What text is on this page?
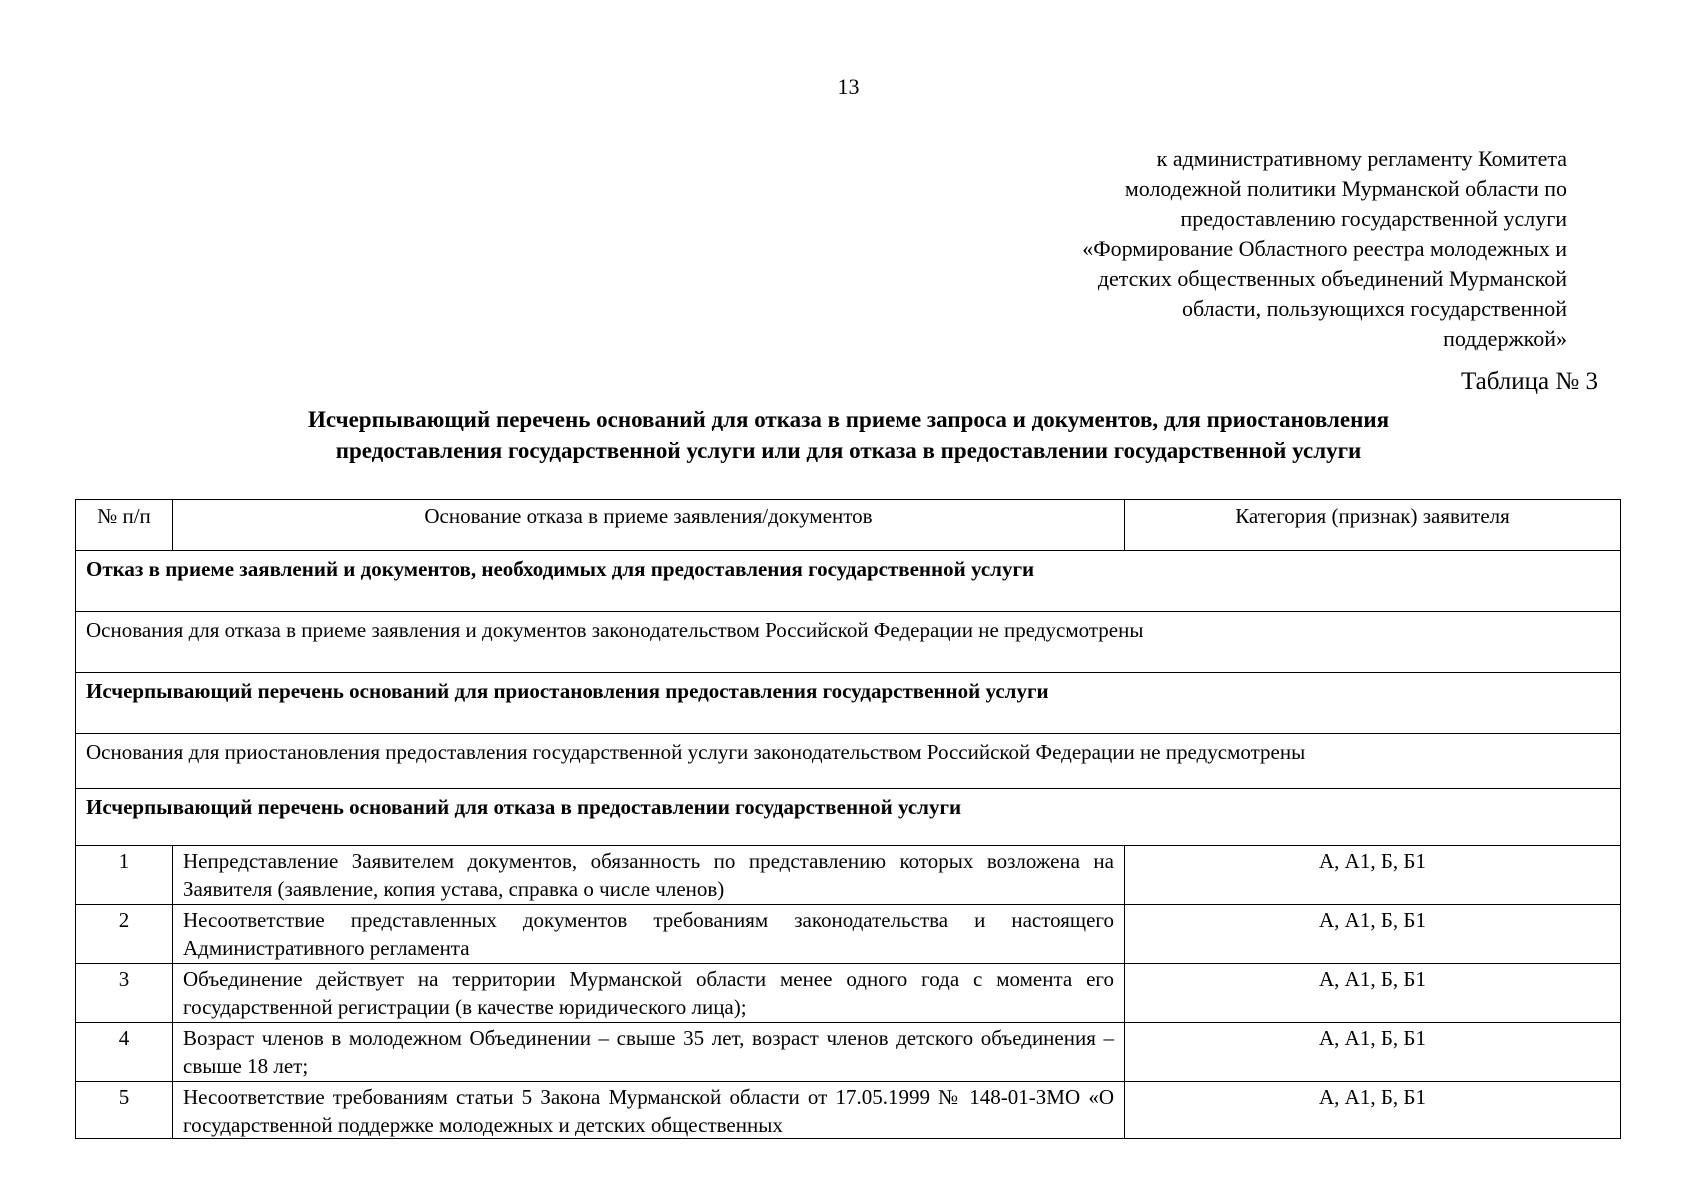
13
к административному регламенту Комитета
молодежной политики Мурманской области по
предоставлению государственной услуги
«Формирование Областного реестра молодежных и
детских общественных объединений Мурманской
области, пользующихся государственной
поддержкой»
Таблица № 3
Исчерпывающий перечень оснований для отказа в приеме запроса и документов, для приостановления
предоставления государственной услуги или для отказа в предоставлении государственной услуги
№ п/п	Основание отказа в приеме заявления/документов	Категория (признак) заявителя
Отказ в приеме заявлений и документов, необходимых для предоставления государственной услуги		
Основания для отказа в приеме заявления и документов законодательством Российской Федерации не предусмотрены		
Исчерпывающий перечень оснований для приостановления предоставления государственной услуги		
Основания для приостановления предоставления государственной услуги законодательством Российской Федерации не предусмотрены		
Исчерпывающий перечень оснований для отказа в предоставлении государственной услуги		
1	Непредставление Заявителем документов, обязанность по представлению которых возложена на Заявителя (заявление, копия устава, справка о числе членов)	А, А1, Б, Б1
2	Несоответствие представленных документов требованиям законодательства и настоящего Административного регламента	А, А1, Б, Б1
3	Объединение действует на территории Мурманской области менее одного года с момента его государственной регистрации (в качестве юридического лица);	А, А1, Б, Б1
4	Возраст членов в молодежном Объединении – свыше 35 лет, возраст членов детского объединения – свыше 18 лет;	А, А1, Б, Б1
5	Несоответствие требованиям статьи 5 Закона Мурманской области от 17.05.1999 № 148-01-ЗМО «О государственной поддержке молодежных и детских общественных	А, А1, Б, Б1
